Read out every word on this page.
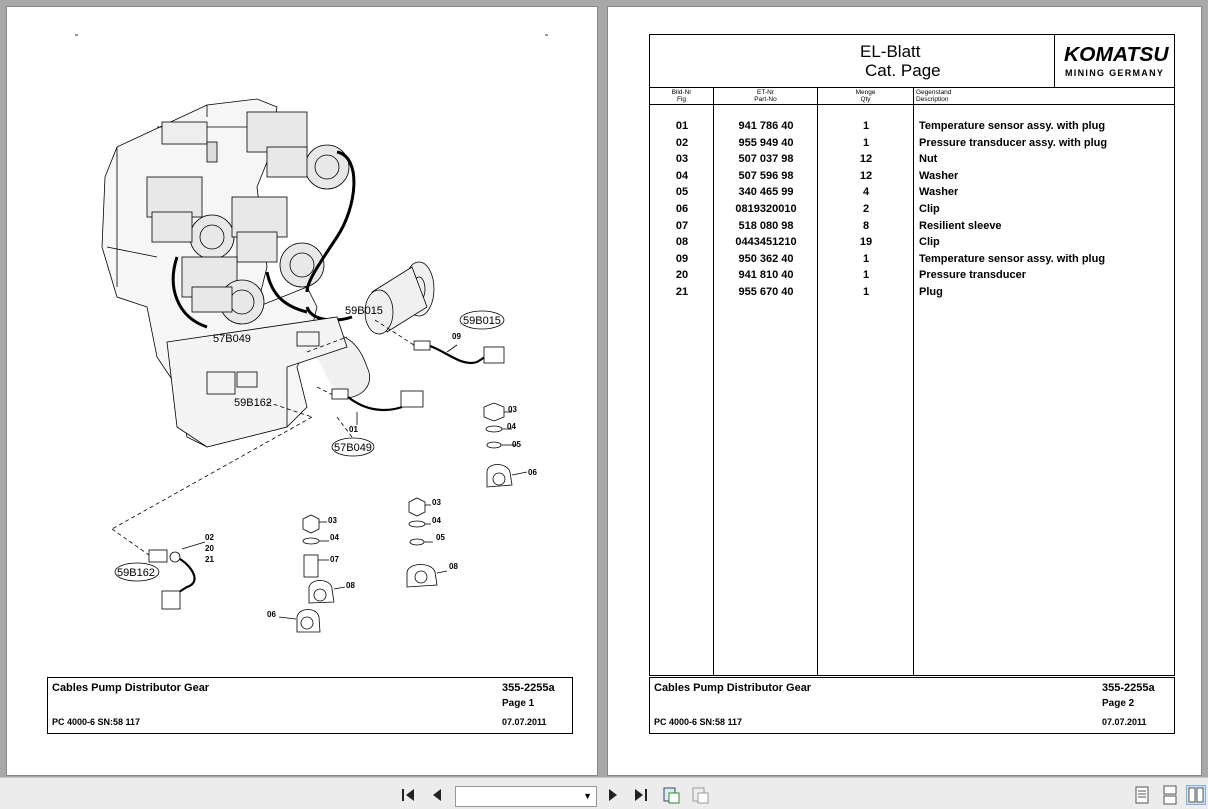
59B015
59B015
57B049
57B049
59B162
59B162
09
01
03
04
05
06
02
20
21
03
04
07
08
06
03
04
05
08
Cables Pump Distributor Gear	355-2255a
Page 1
PC 4000-6 SN:58 117	07.07.2011
EL-Blatt
Cat. Page
KOMATSU
MINING GERMANY
Bild-Nr
Fig
ET-Nr
Part-No
Menge
Qty
Gegenstand
Description
01	941 786 40	1	Temperature sensor assy. with plug
02	955 949 40	1	Pressure transducer assy. with plug
03	507 037 98	12	Nut
04	507 596 98	12	Washer
05	340 465 99	4	Washer
06	0819320010	2	Clip
07	518 080 98	8	Resilient sleeve
08	0443451210	19	Clip
09	950 362 40	1	Temperature sensor assy. with plug
20	941 810 40	1	Pressure transducer
21	955 670 40	1	Plug
Cables Pump Distributor Gear	355-2255a
Page 2
PC 4000-6 SN:58 117	07.07.2011
▼
